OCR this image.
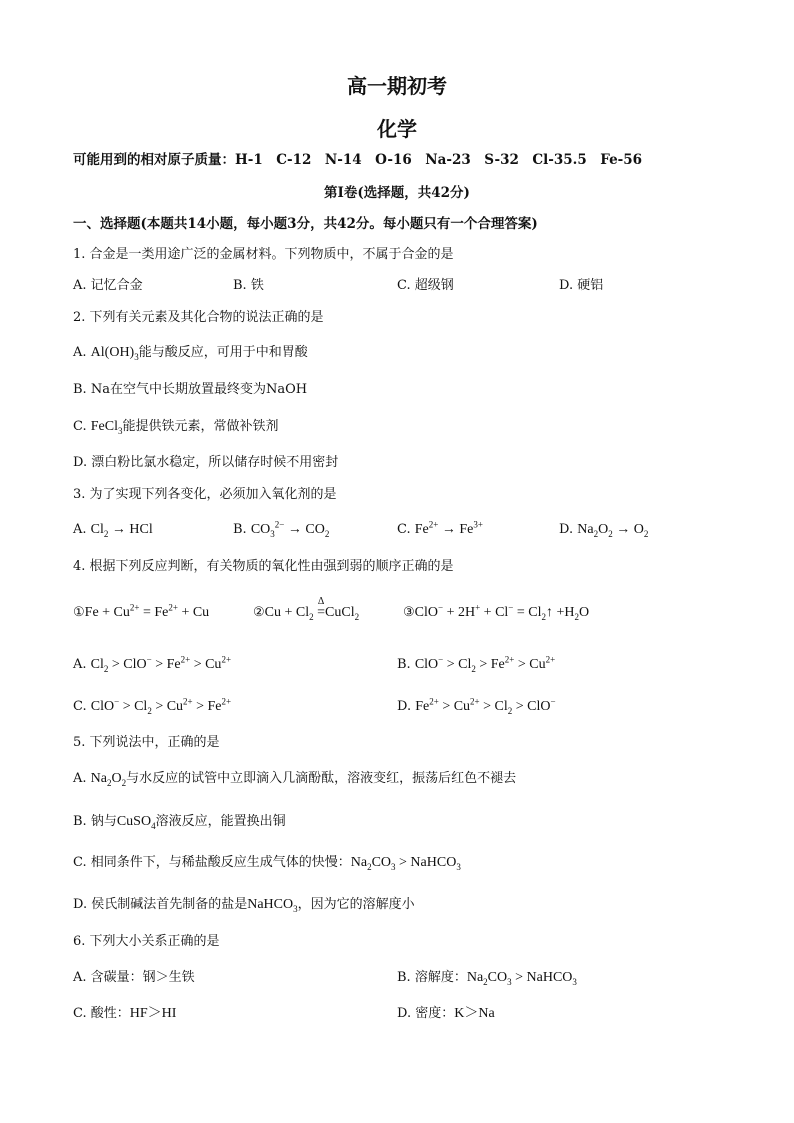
高一期初考
化学
可能用到的相对原子质量：H-1　C-12　N-14　O-16　Na-23　S-32　Cl-35.5　Fe-56
第I卷(选择题，共42分)
一、选择题(本题共14小题，每小题3分，共42分。每小题只有一个合理答案)
1. 合金是一类用途广泛的金属材料。下列物质中，不属于合金的是
A. 记忆合金	B. 铁	C. 超级钢	D. 硬铝
2. 下列有关元素及其化合物的说法正确的是
A. $Al(OH)_3$能与酸反应，可用于中和胃酸
B. Na在空气中长期放置最终变为NaOH
C. FeCl$_3$能提供铁元素，常做补铁剂
D. 漂白粉比氯水稳定，所以储存时候不用密封
3. 为了实现下列各变化，必须加入氧化剂的是
A. $Cl_2$ → HCl	B. $CO_3^{2-} \to CO_2$	C. $Fe^{2+} \to Fe^{3+}$	D. $Na_2O_2 \to O_2$
4. 根据下列反应判断，有关物质的氧化性由强到弱的顺序正确的是
①Fe + $Cu^{2+} = Fe^{2+} + Cu$	②Cu + $Cl_2$
Δ
=CuCl$_2$	③ClO− + $2H^+ + Cl^- = Cl_2↑ +H_2O$
A. $Cl_2 > ClO^- > Fe^{2+} > Cu^{2+}$	B. $ClO^- > Cl_2 > Fe^{2+} > Cu^{2+}$
C. $ClO^- > Cl_2 > Cu^{2+} > Fe^{2+}$	D. $Fe^{2+} > Cu^{2+} > Cl_2 > ClO^-$
5. 下列说法中，正确的是
A. $Na_2O_2$与水反应的试管中立即滴入几滴酚酞，溶液变红，振荡后红色不褪去
B. 钠与CuSO$_4$溶液反应，能置换出铜
C. 相同条件下，与稀盐酸反应生成气体的快慢：$Na_2CO_3$ > NaHCO$_3$
D. 侯氏制碱法首先制备的盐是NaHCO$_3$，因为它的溶解度小
6. 下列大小关系正确的是
A. 含碳量：钢＞生铁	B. 溶解度：$Na_2CO_3$ > NaHCO$_3$
C. 酸性：HF＞HI	D. 密度：K＞Na
